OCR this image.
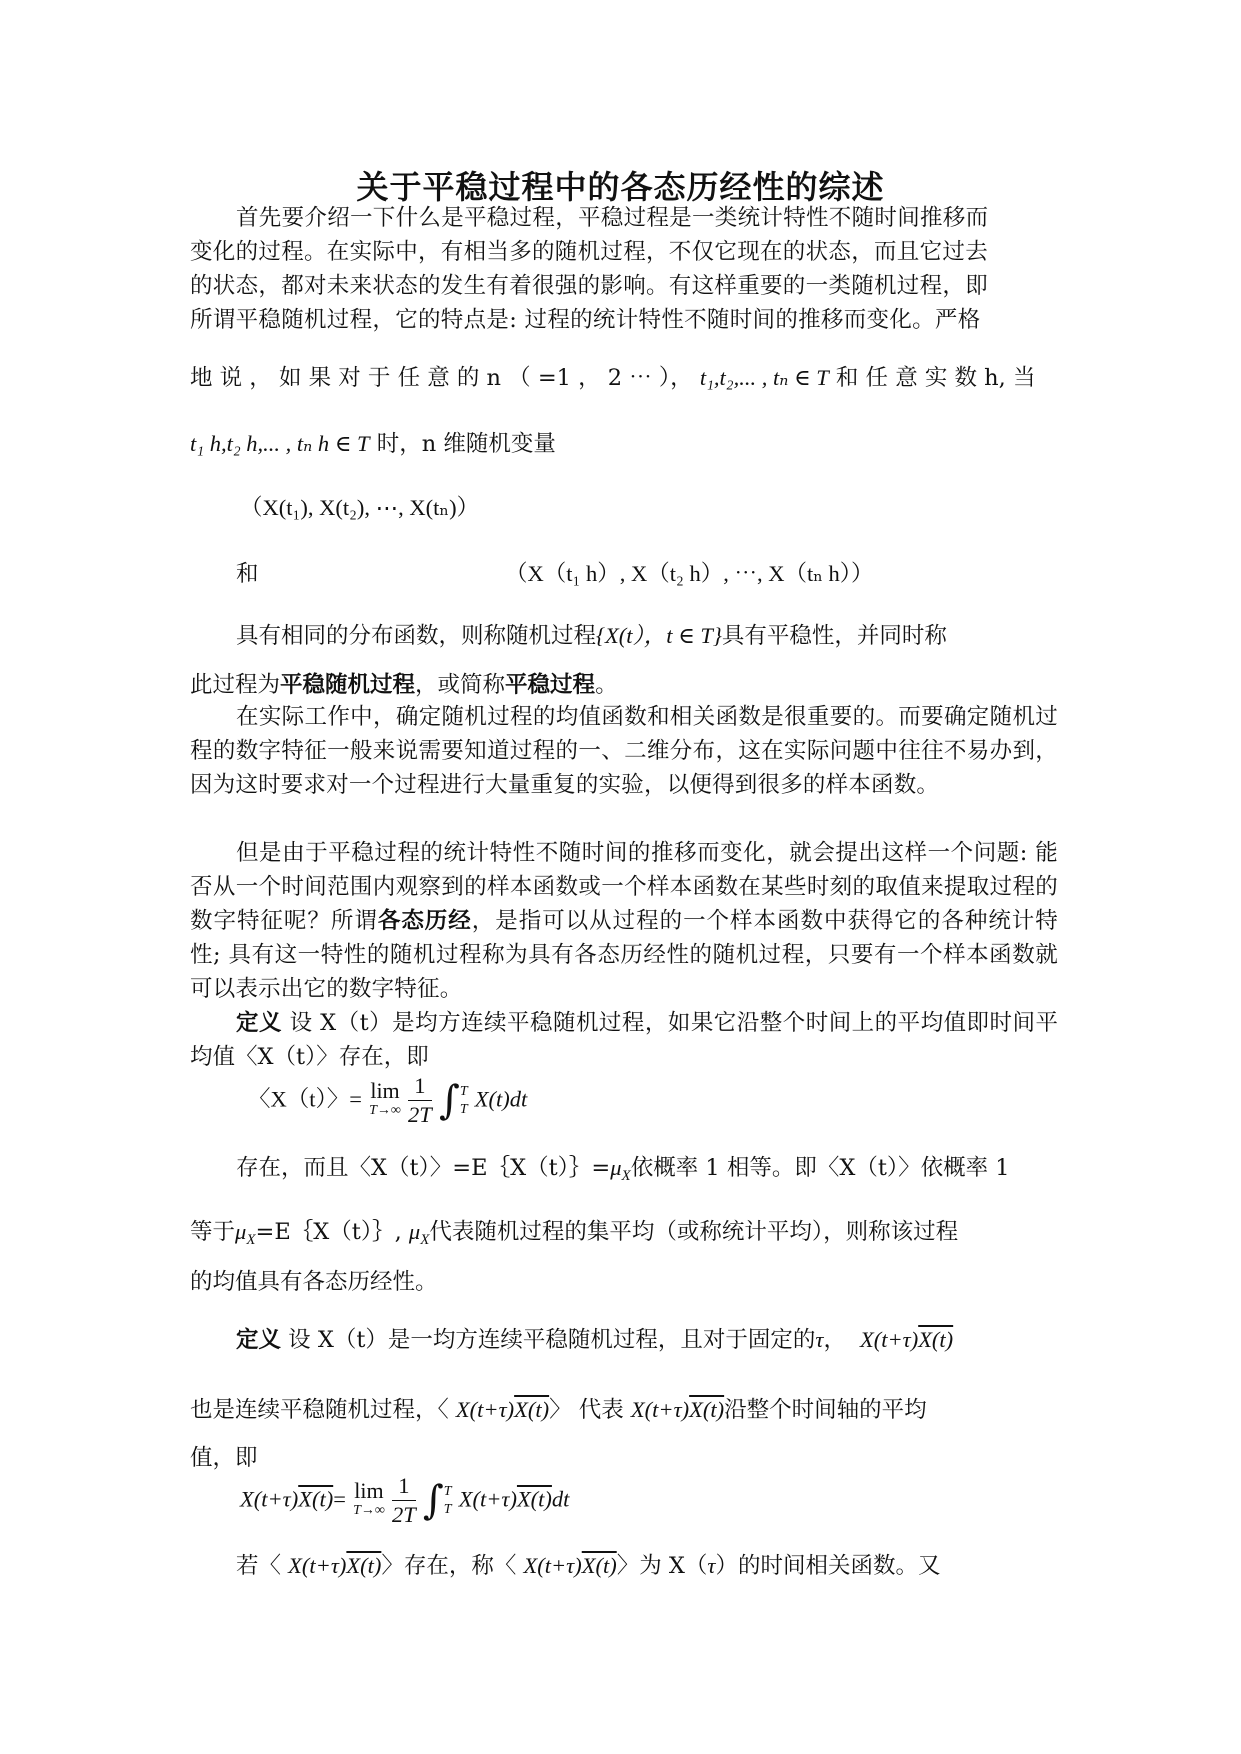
关于平稳过程中的各态历经性的综述
首先要介绍一下什么是平稳过程，平稳过程是一类统计特性不随时间推移而
变化的过程。在实际中，有相当多的随机过程，不仅它现在的状态，而且它过去
的状态，都对未来状态的发生有着很强的影响。有这样重要的一类随机过程，即
所谓平稳随机过程，它的特点是: 过程的统计特性不随时间的推移而变化。严格
地 说 ， 如 果 对 于 任 意 的 n （ =1 ， 2 ⋯ ）， t₁,t₂,... , tₙ ∈ T 和 任 意 实 数 h, 当
t₁ h,t₂ h,... , tₙ h ∈ T 时，n 维随机变量
（X(t₁), X(t₂), ⋯, X(tₙ)）
和	（X（t₁ h）, X（t₂ h）, ⋯, X（tₙ h））
具有相同的分布函数，则称随机过程{X(t），t ∈ T}具有平稳性，并同时称
此过程为平稳随机过程，或简称平稳过程。
在实际工作中，确定随机过程的均值函数和相关函数是很重要的。而要确定随机过程的数字特征一般来说需要知道过程的一、二维分布，这在实际问题中往往不易办到，因为这时要求对一个过程进行大量重复的实验，以便得到很多的样本函数。
但是由于平稳过程的统计特性不随时间的推移而变化，就会提出这样一个问题: 能否从一个时间范围内观察到的样本函数或一个样本函数在某些时刻的取值来提取过程的数字特征呢？所谓各态历经，是指可以从过程的一个样本函数中获得它的各种统计特性; 具有这一特性的随机过程称为具有各态历经性的随机过程，只要有一个样本函数就可以表示出它的数字特征。
定义 设 X（t）是均方连续平稳随机过程，如果它沿整个时间上的平均值即时间平均值〈X（t）〉存在，即
〈X（t）〉= lim
T→∞
$\frac{1}{2T} \int T$
T X(t)dt
存在，而且〈X（t）〉$=E\{X(t)\}=\mu_X$依概率 1 相等。即〈X（t）〉依概率 1
等于$\mu_X=E\{X(t)\}$, $\mu_X$代表随机过程的集平均（或称统计平均），则称该过程
的均值具有各态历经性。
定义 设 X（t）是一均方连续平稳随机过程，且对于固定的τ， X(t+τ)X(t)
也是连续平稳随机过程，〈 X(t+τ)X(t)〉 代表 X(t+τ)X(t)沿整个时间轴的平均
值，即
X(t+τ)X(t)= lim
T→∞
$\frac{1}{2T} \int T$
T X(t+τ)X(t)dt
若〈 X(t+τ)X(t)〉存在，称〈 X(t+τ)X(t)〉为 X（τ）的时间相关函数。又
